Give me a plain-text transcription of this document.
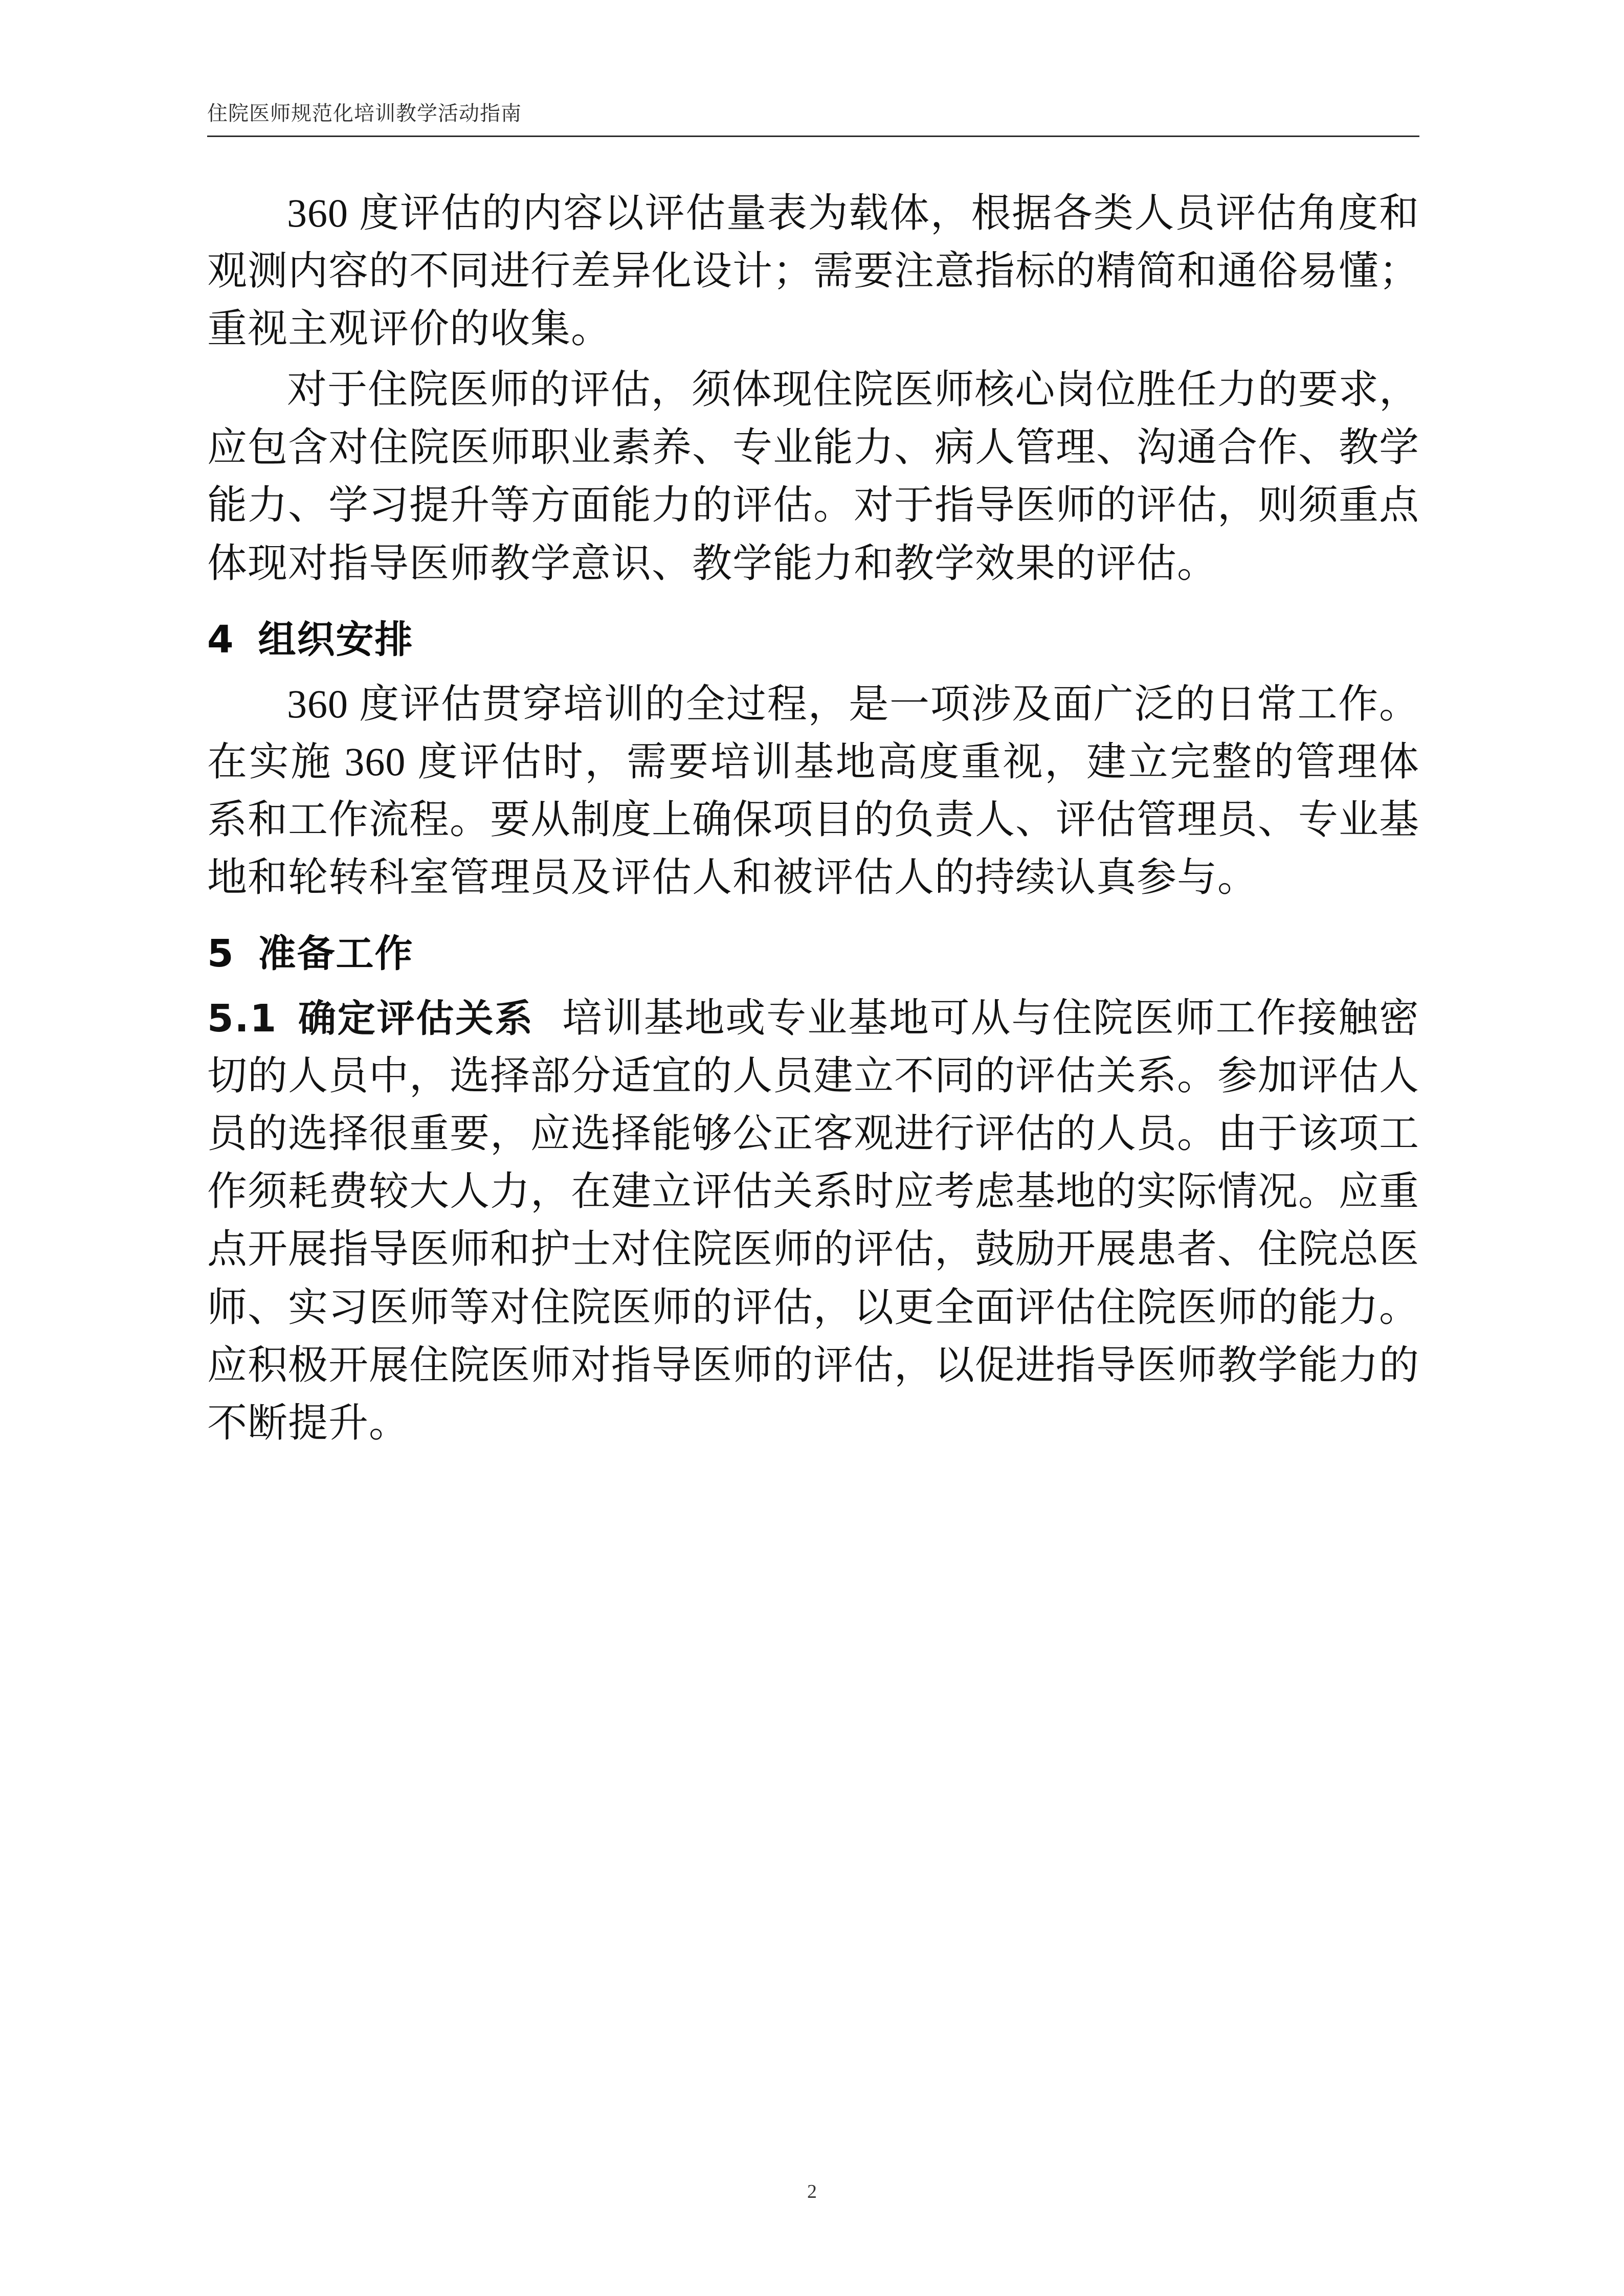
住院医师规范化培训教学活动指南

360 度评估的内容以评估量表为载体，根据各类人员评估角度和观测内容的不同进行差异化设计；需要注意指标的精简和通俗易懂；重视主观评价的收集。

对于住院医师的评估，须体现住院医师核心岗位胜任力的要求，应包含对住院医师职业素养、专业能力、病人管理、沟通合作、教学能力、学习提升等方面能力的评估。对于指导医师的评估，则须重点体现对指导医师教学意识、教学能力和教学效果的评估。

4 组织安排

360 度评估贯穿培训的全过程，是一项涉及面广泛的日常工作。在实施 360 度评估时，需要培训基地高度重视，建立完整的管理体系和工作流程。要从制度上确保项目的负责人、评估管理员、专业基地和轮转科室管理员及评估人和被评估人的持续认真参与。

5 准备工作

5.1 确定评估关系 培训基地或专业基地可从与住院医师工作接触密切的人员中，选择部分适宜的人员建立不同的评估关系。参加评估人员的选择很重要，应选择能够公正客观进行评估的人员。由于该项工作须耗费较大人力，在建立评估关系时应考虑基地的实际情况。应重点开展指导医师和护士对住院医师的评估，鼓励开展患者、住院总医师、实习医师等对住院医师的评估，以更全面评估住院医师的能力。应积极开展住院医师对指导医师的评估，以促进指导医师教学能力的不断提升。

2
